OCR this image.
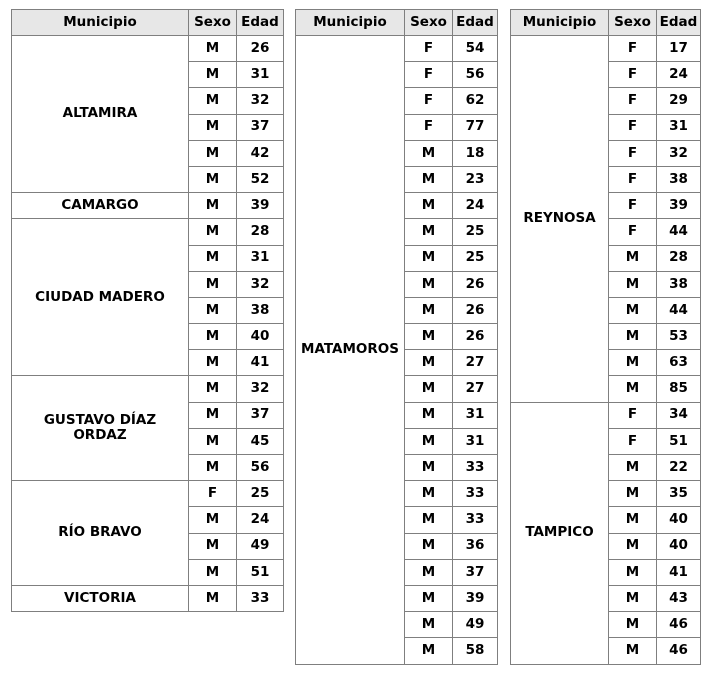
Municipio	Sexo	Edad
ALTAMIRA	M	26
	M	31
	M	32
	M	37
	M	42
	M	52
CAMARGO	M	39
CIUDAD MADERO	M	28
	M	31
	M	32
	M	38
	M	40
	M	41
GUSTAVO DÍAZ ORDAZ	M	32
	M	37
	M	45
	M	56
RÍO BRAVO	F	25
	M	24
	M	49
	M	51
VICTORIA	M	33
Municipio	Sexo	Edad
MATAMOROS	F	54
	F	56
	F	62
	F	77
	M	18
	M	23
	M	24
	M	25
	M	25
	M	26
	M	26
	M	26
	M	27
	M	27
	M	31
	M	31
	M	33
	M	33
	M	33
	M	36
	M	37
	M	39
	M	49
	M	58
Municipio	Sexo	Edad
REYNOSA	F	17
	F	24
	F	29
	F	31
	F	32
	F	38
	F	39
	F	44
	M	28
	M	38
	M	44
	M	53
	M	63
	M	85
TAMPICO	F	34
	F	51
	M	22
	M	35
	M	40
	M	40
	M	41
	M	43
	M	46
	M	46
